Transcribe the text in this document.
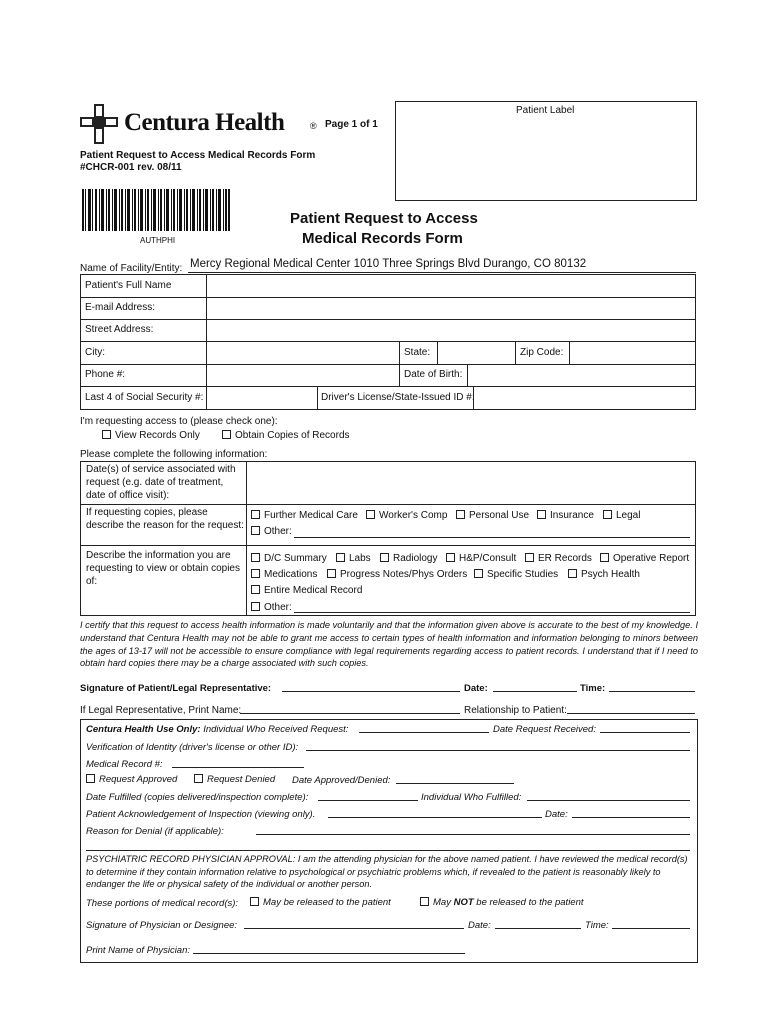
Centura Health	® Page 1 of 1
Patient Label
Patient Request to Access Medical Records Form
#CHCR-001 rev. 08/11
AUTHPHI
Patient Request to Access
Medical Records Form
Name of Facility/Entity: Mercy Regional Medical Center 1010 Three Springs Blvd Durango, CO 80132
Patient's Full Name
E-mail Address:
Street Address:
City:	State:	Zip Code:
Phone #:	Date of Birth:
Last 4 of Social Security #:	Driver's License/State-Issued ID #:
I'm requesting access to (please check one):
View Records Only	Obtain Copies of Records
Please complete the following information:
Date(s) of service associated with
request (e.g. date of treatment,
date of office visit):
If requesting copies, please
describe the reason for the request:
Further Medical Care	Worker's Comp	Personal Use	Insurance	Legal
Other:
Describe the information you are
requesting to view or obtain copies
of:
D/C Summary	Labs	Radiology	H&P/Consult	ER Records	Operative Report
Medications	Progress Notes/Phys Orders	Specific Studies	Psych Health
Entire Medical Record
Other:
I certify that this request to access health information is made voluntarily and that the information given above is accurate to the best of my knowledge. I understand that Centura Health may not be able to grant me access to certain types of health information and information belonging to minors between the ages of 13-17 will not be accessible to ensure compliance with legal requirements regarding access to patient records. I understand that if I need to obtain hard copies there may be a charge associated with such copies.
Signature of Patient/Legal Representative:	Date:	Time:
If Legal Representative, Print Name:	Relationship to Patient:
Centura Health Use Only: Individual Who Received Request:	Date Request Received:
Verification of Identity (driver's license or other ID):
Medical Record #:
Request Approved	Request Denied Date Approved/Denied:
Date Fulfilled (copies delivered/inspection complete):	Individual Who Fulfilled:
Patient Acknowledgement of Inspection (viewing only).	Date:
Reason for Denial (if applicable):
PSYCHIATRIC RECORD PHYSICIAN APPROVAL: I am the attending physician for the above named patient. I have reviewed the medical record(s) to determine if they contain information relative to psychological or psychiatric problems which, if revealed to the patient is reasonably likely to endanger the life or physical safety of the individual or another person.
These portions of medical record(s):	May be released to the patient	May NOT be released to the patient
Signature of Physician or Designee:	Date:	Time:
Print Name of Physician:
